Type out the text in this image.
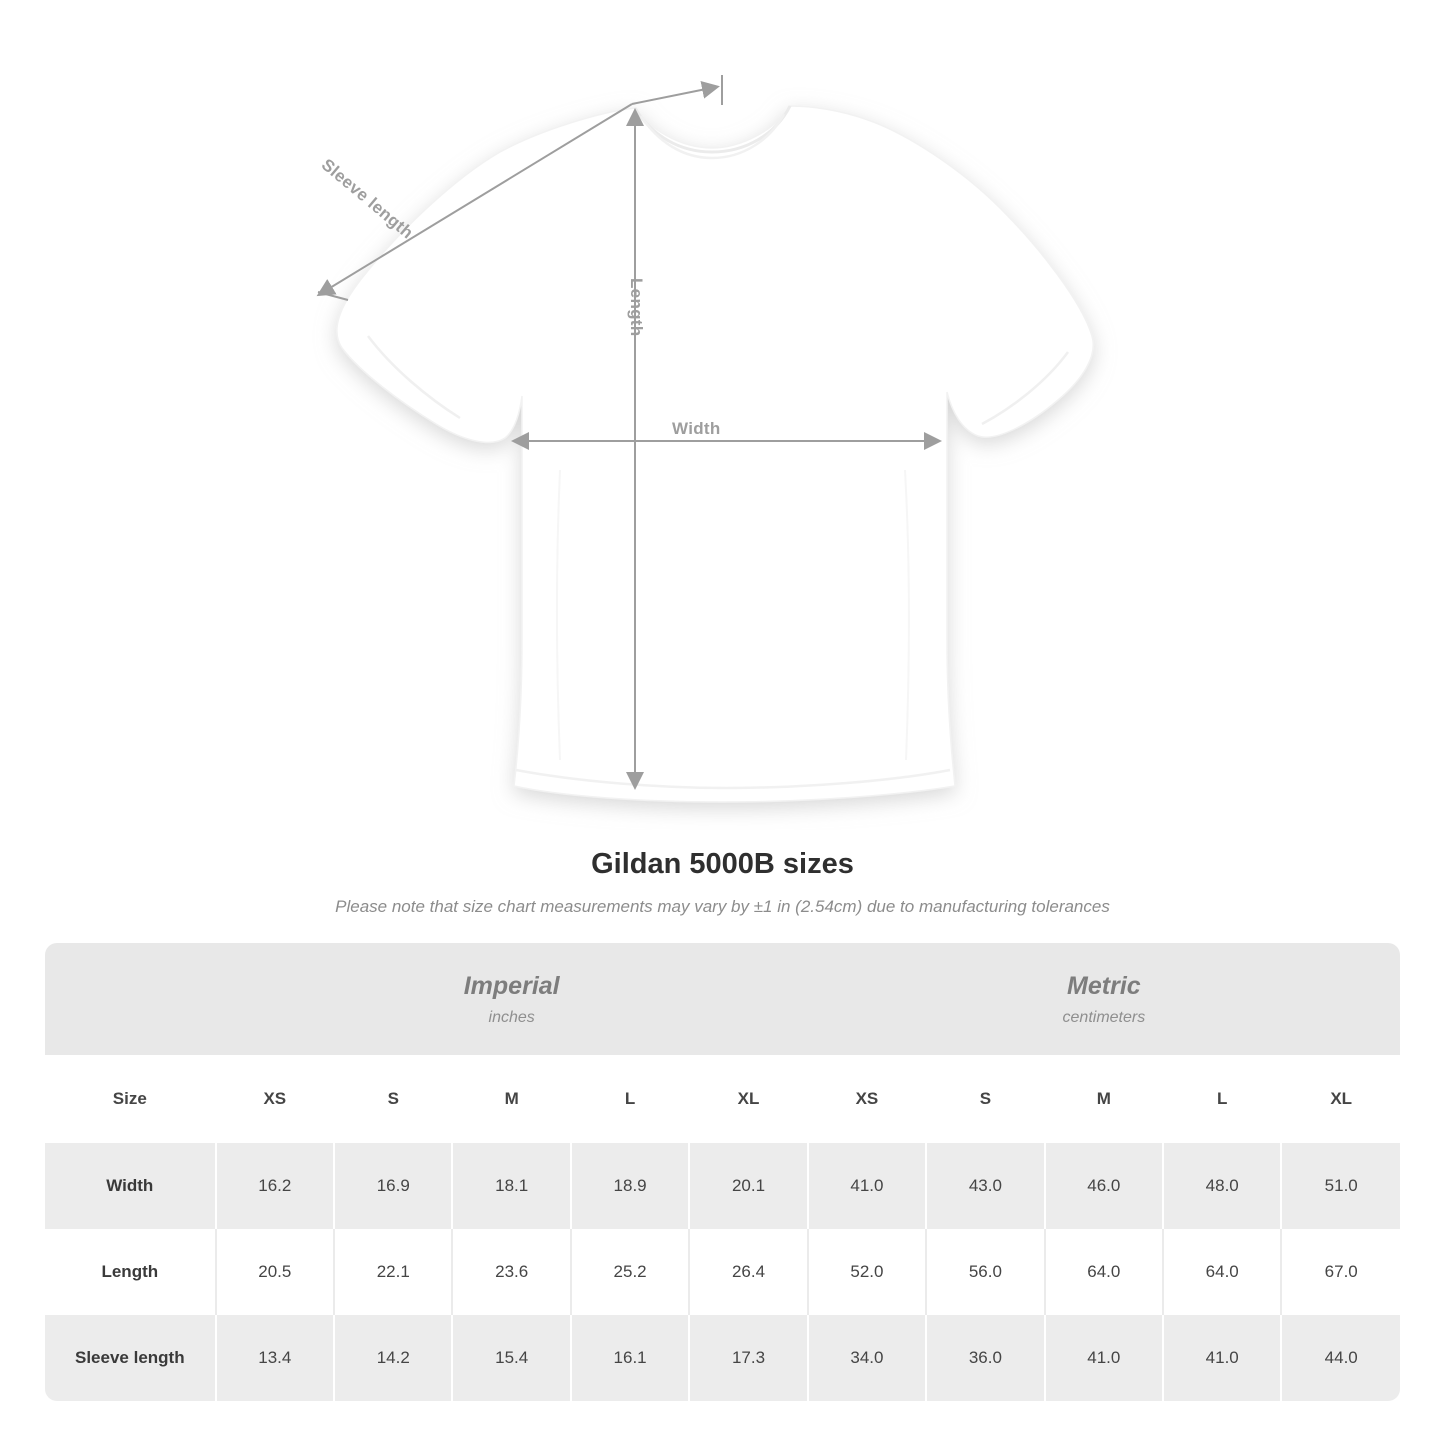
Sleeve length
Length
Width
Gildan 5000B sizes
Please note that size chart measurements may vary by ±1 in (2.54cm) due to manufacturing tolerances

	Imperial
inches					Metric
centimeters				

Size	XS	S	M	L	XL	XS	S	M	L	XL
Width	16.2	16.9	18.1	18.9	20.1	41.0	43.0	46.0	48.0	51.0
Length	20.5	22.1	23.6	25.2	26.4	52.0	56.0	64.0	64.0	67.0
Sleeve length	13.4	14.2	15.4	16.1	17.3	34.0	36.0	41.0	41.0	44.0
